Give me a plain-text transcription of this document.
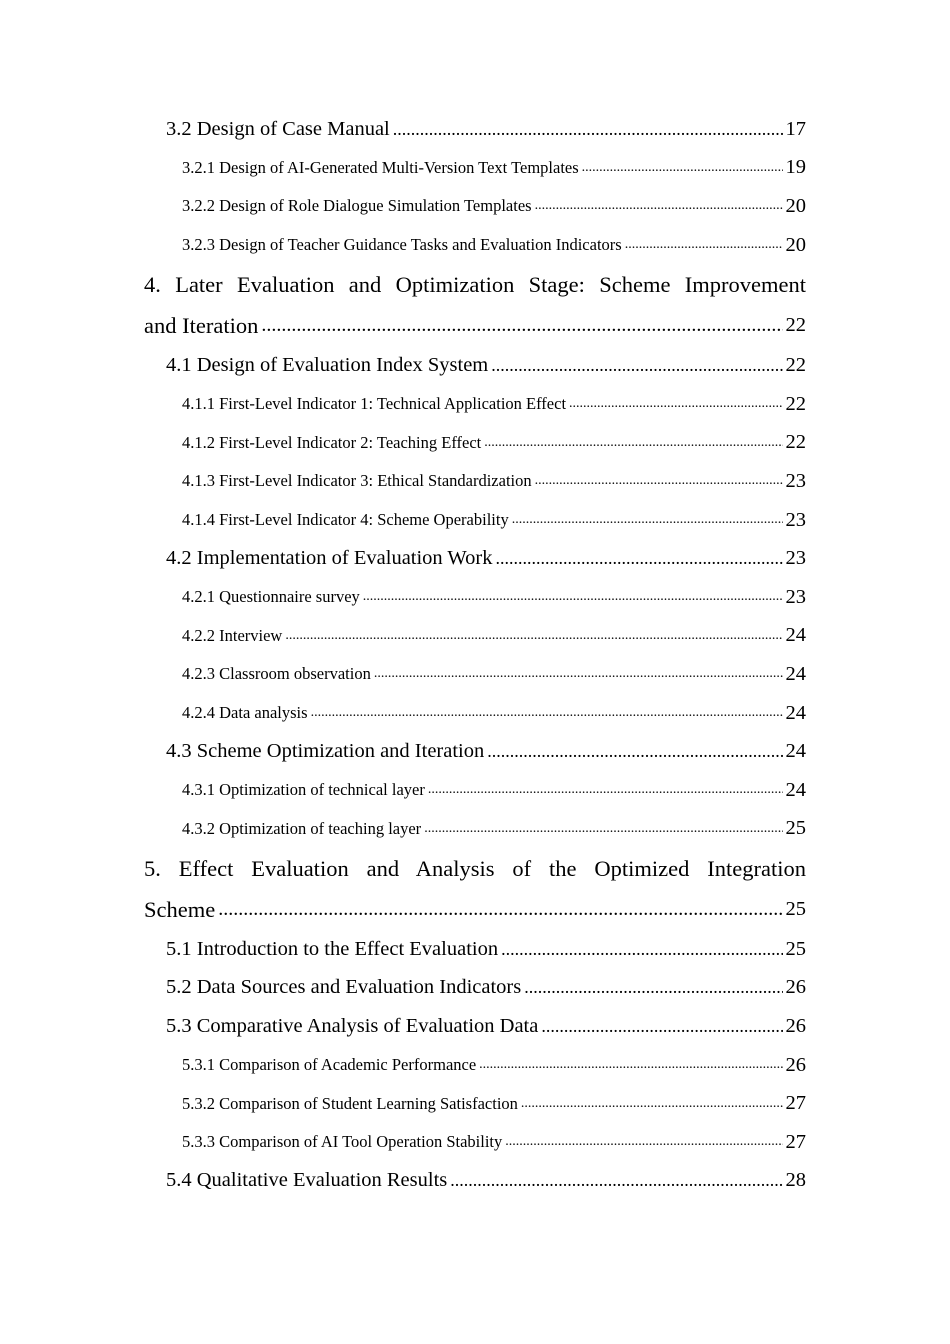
3.2 Design of Case Manual .....	17
3.2.1 Design of AI-Generated Multi-Version Text Templates .....	19
3.2.2 Design of Role Dialogue Simulation Templates .....	20
3.2.3 Design of Teacher Guidance Tasks and Evaluation Indicators .....	20
4. Later Evaluation and Optimization Stage: Scheme Improvement
and Iteration .....	22
4.1 Design of Evaluation Index System .....	22
4.1.1 First-Level Indicator 1: Technical Application Effect .....	22
4.1.2 First-Level Indicator 2: Teaching Effect .....	22
4.1.3 First-Level Indicator 3: Ethical Standardization .....	23
4.1.4 First-Level Indicator 4: Scheme Operability .....	23
4.2 Implementation of Evaluation Work .....	23
4.2.1 Questionnaire survey .....	23
4.2.2 Interview .....	24
4.2.3 Classroom observation .....	24
4.2.4 Data analysis .....	24
4.3 Scheme Optimization and Iteration .....	24
4.3.1 Optimization of technical layer .....	24
4.3.2 Optimization of teaching layer .....	25
5. Effect Evaluation and Analysis of the Optimized Integration
Scheme .....	25
5.1 Introduction to the Effect Evaluation .....	25
5.2 Data Sources and Evaluation Indicators .....	26
5.3 Comparative Analysis of Evaluation Data .....	26
5.3.1 Comparison of Academic Performance .....	26
5.3.2 Comparison of Student Learning Satisfaction .....	27
5.3.3 Comparison of AI Tool Operation Stability .....	27
5.4 Qualitative Evaluation Results .....	28
